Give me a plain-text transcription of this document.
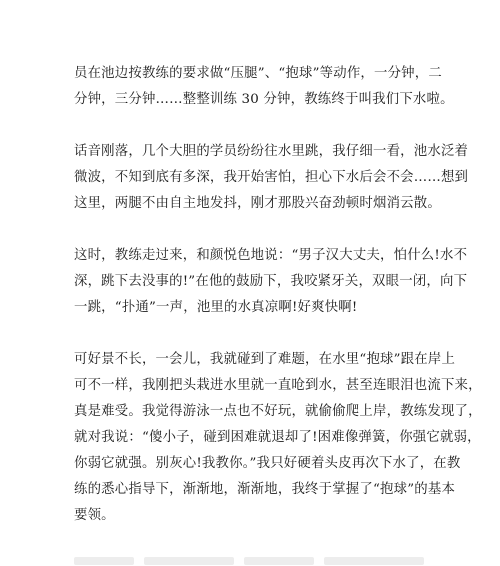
员在池边按教练的要求做“压腿”、“抱球”等动作，一分钟，二
分钟，三分钟……整整训练 30 分钟，教练终于叫我们下水啦。
话音刚落，几个大胆的学员纷纷往水里跳，我仔细一看，池水泛着
微波，不知到底有多深，我开始害怕，担心下水后会不会……想到
这里，两腿不由自主地发抖，刚才那股兴奋劲顿时烟消云散。
这时，教练走过来，和颜悦色地说：“男子汉大丈夫，怕什么!水不
深，跳下去没事的!”在他的鼓励下，我咬紧牙关，双眼一闭，向下
一跳，“扑通”一声，池里的水真凉啊!好爽快啊!
可好景不长，一会儿，我就碰到了难题，在水里“抱球”跟在岸上
可不一样，我刚把头栽进水里就一直呛到水，甚至连眼泪也流下来，
真是难受。我觉得游泳一点也不好玩，就偷偷爬上岸，教练发现了，
就对我说：“傻小子，碰到困难就退却了!困难像弹簧，你强它就弱，
你弱它就强。别灰心!我教你。”我只好硬着头皮再次下水了，在教
练的悉心指导下，渐渐地，渐渐地，我终于掌握了“抱球”的基本
要领。
